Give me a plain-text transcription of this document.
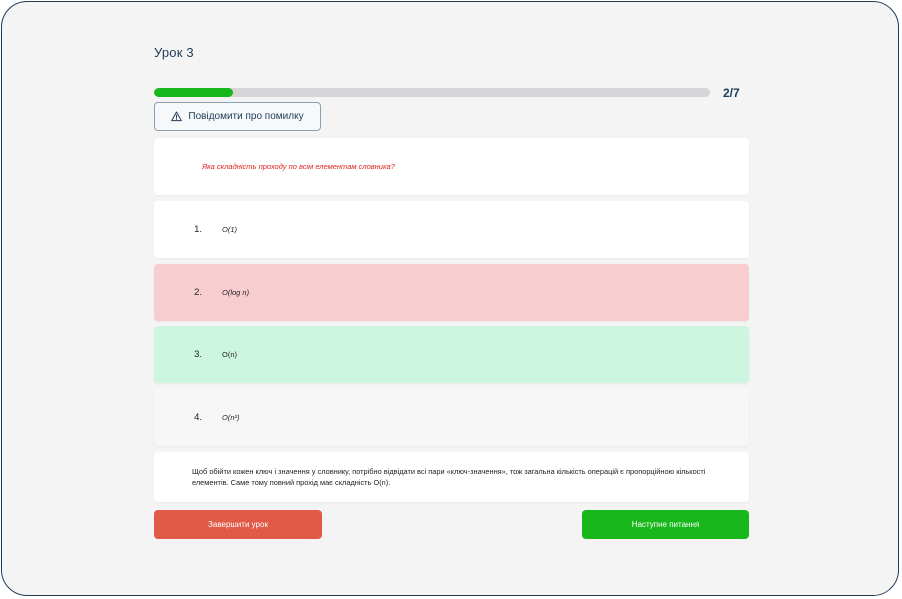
Урок 3
2/7
Повідомити про помилку
Яка складність проходу по всім елементам словника?
1.	O(1)
2.	O(log n)
3.	O(n)
4.	O(n²)
Щоб обійти кожен ключ і значення у словнику, потрібно відвідати всі пари «ключ-значення», тож загальна кількість операцій є пропорційною кількості елементів. Саме тому повний прохід має складність O(n).
Завершити урок	Наступне питання
